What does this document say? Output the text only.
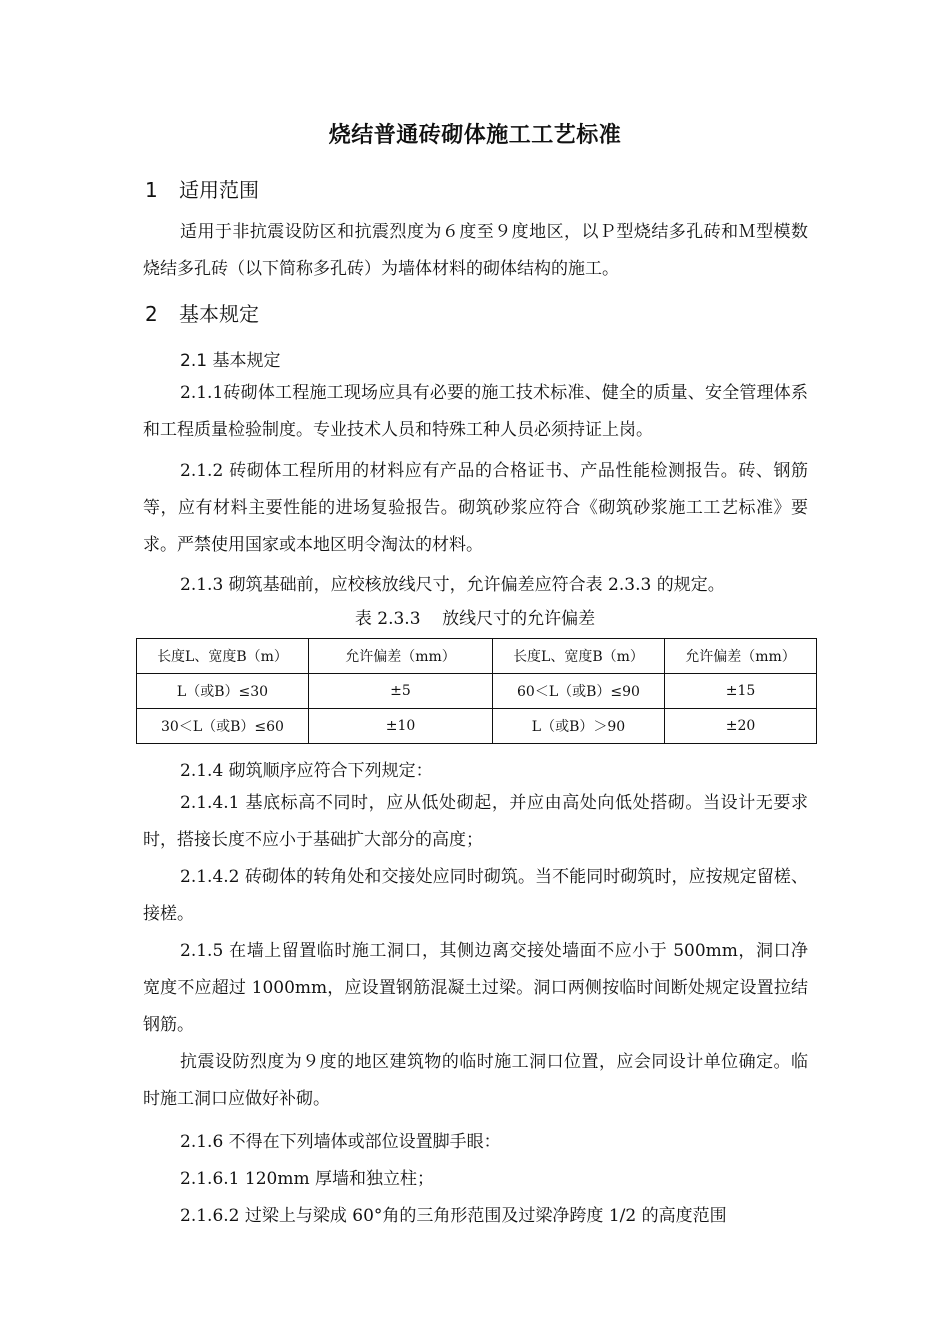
烧结普通砖砌体施工工艺标准
1 适用范围
适用于非抗震设防区和抗震烈度为６度至９度地区，以Ｐ型烧结多孔砖和Ｍ型模数烧结多孔砖（以下简称多孔砖）为墙体材料的砌体结构的施工。
2 基本规定
2.1 基本规定
2.1.1砖砌体工程施工现场应具有必要的施工技术标准、健全的质量、安全管理体系和工程质量检验制度。专业技术人员和特殊工种人员必须持证上岗。
2.1.2 砖砌体工程所用的材料应有产品的合格证书、产品性能检测报告。砖、钢筋等，应有材料主要性能的进场复验报告。砌筑砂浆应符合《砌筑砂浆施工工艺标准》要求。严禁使用国家或本地区明令淘汰的材料。
2.1.3 砌筑基础前，应校核放线尺寸，允许偏差应符合表 2.3.3 的规定。
表 2.3.3    放线尺寸的允许偏差
长度L、宽度B（m）	允许偏差（mm）	长度L、宽度B（m）	允许偏差（mm）
L（或B）≤30	±5	60＜L（或B）≤90	±15
30＜L（或B）≤60	±10	L（或B）＞90	±20
2.1.4 砌筑顺序应符合下列规定：
2.1.4.1 基底标高不同时，应从低处砌起，并应由高处向低处搭砌。当设计无要求时，搭接长度不应小于基础扩大部分的高度；
2.1.4.2 砖砌体的转角处和交接处应同时砌筑。当不能同时砌筑时，应按规定留槎、接槎。
2.1.5 在墙上留置临时施工洞口，其侧边离交接处墙面不应小于 500mm，洞口净宽度不应超过 1000mm，应设置钢筋混凝土过梁。洞口两侧按临时间断处规定设置拉结钢筋。
抗震设防烈度为９度的地区建筑物的临时施工洞口位置，应会同设计单位确定。临时施工洞口应做好补砌。
2.1.6 不得在下列墙体或部位设置脚手眼：
2.1.6.1 120mm 厚墙和独立柱；
2.1.6.2 过梁上与梁成 60°角的三角形范围及过梁净跨度 1/2 的高度范围
